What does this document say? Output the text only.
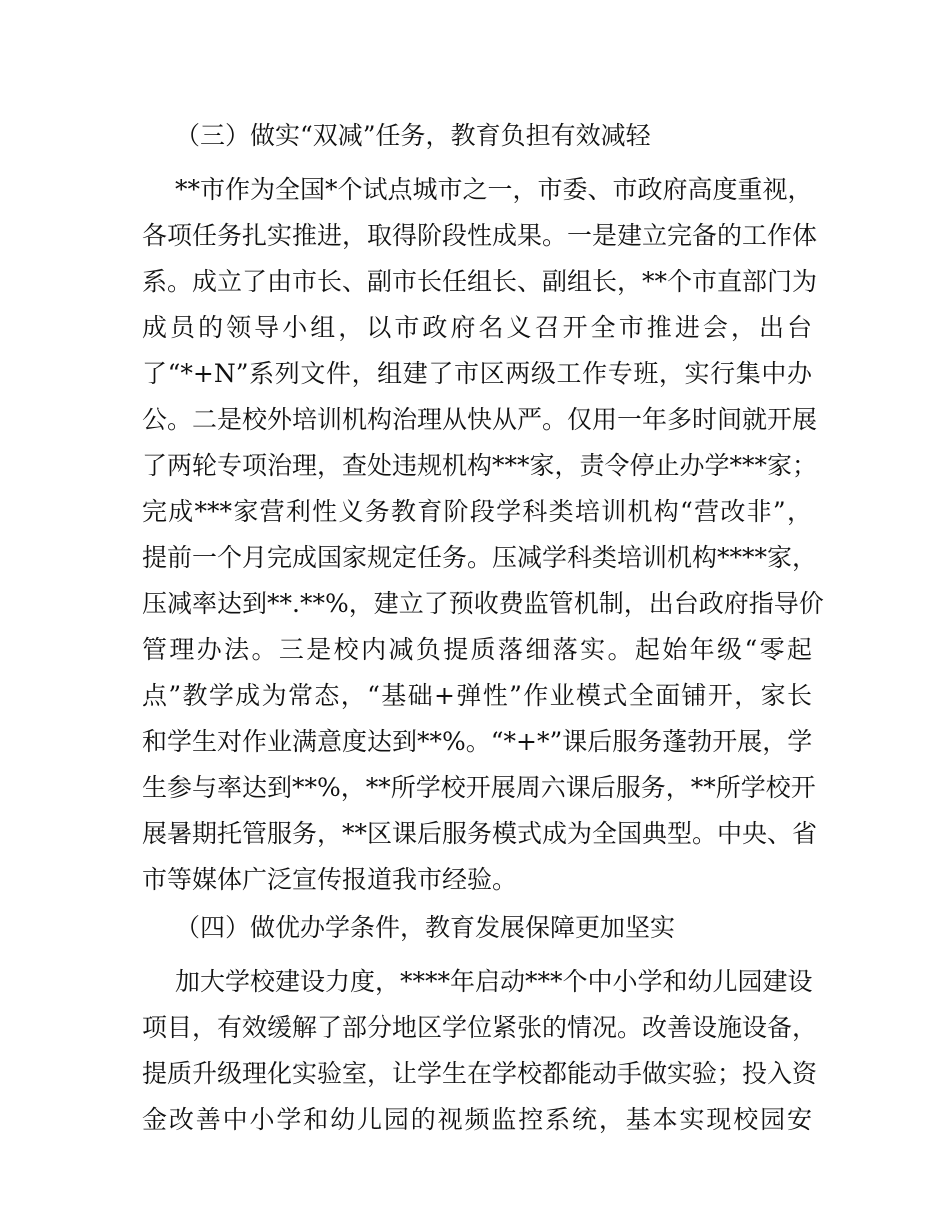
（三）做实“双减”任务，教育负担有效减轻
**市作为全国*个试点城市之一，市委、市政府高度重视，
各项任务扎实推进，取得阶段性成果。一是建立完备的工作体
系。成立了由市长、副市长任组长、副组长，**个市直部门为
成员的领导小组，以市政府名义召开全市推进会，出台
了“*+N”系列文件，组建了市区两级工作专班，实行集中办
公。二是校外培训机构治理从快从严。仅用一年多时间就开展
了两轮专项治理，查处违规机构***家，责令停止办学***家；
完成***家营利性义务教育阶段学科类培训机构“营改非”，
提前一个月完成国家规定任务。压减学科类培训机构****家，
压减率达到**.**%，建立了预收费监管机制，出台政府指导价
管理办法。三是校内减负提质落细落实。起始年级“零起
点”教学成为常态，“基础+弹性”作业模式全面铺开，家长
和学生对作业满意度达到**%。“*+*”课后服务蓬勃开展，学
生参与率达到**%，**所学校开展周六课后服务，**所学校开
展暑期托管服务，**区课后服务模式成为全国典型。中央、省
市等媒体广泛宣传报道我市经验。
（四）做优办学条件，教育发展保障更加坚实
加大学校建设力度，****年启动***个中小学和幼儿园建设
项目，有效缓解了部分地区学位紧张的情况。改善设施设备，
提质升级理化实验室，让学生在学校都能动手做实验；投入资
金改善中小学和幼儿园的视频监控系统，基本实现校园安
